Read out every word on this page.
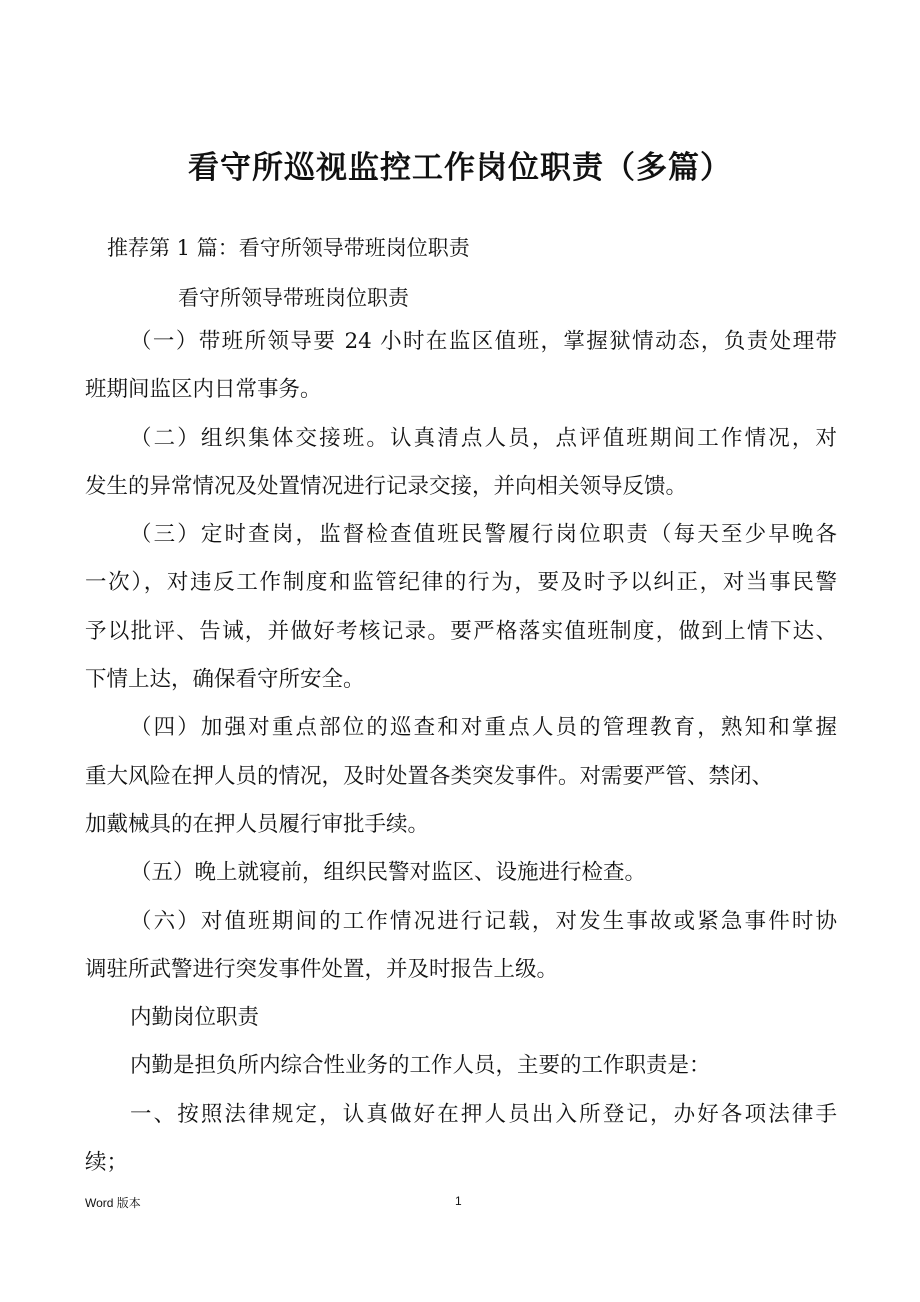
看守所巡视监控工作岗位职责（多篇）
推荐第 1 篇：看守所领导带班岗位职责
看守所领导带班岗位职责
（一）带班所领导要 24 小时在监区值班，掌握狱情动态，负责处理带
班期间监区内日常事务。
（二）组织集体交接班。认真清点人员，点评值班期间工作情况，对
发生的异常情况及处置情况进行记录交接，并向相关领导反馈。
（三）定时查岗，监督检查值班民警履行岗位职责（每天至少早晚各
一次），对违反工作制度和监管纪律的行为，要及时予以纠正，对当事民警
予以批评、告诫，并做好考核记录。要严格落实值班制度，做到上情下达、
下情上达，确保看守所安全。
（四）加强对重点部位的巡查和对重点人员的管理教育，熟知和掌握
重大风险在押人员的情况，及时处置各类突发事件。对需要严管、禁闭、
加戴械具的在押人员履行审批手续。
（五）晚上就寝前，组织民警对监区、设施进行检查。
（六）对值班期间的工作情况进行记载，对发生事故或紧急事件时协
调驻所武警进行突发事件处置，并及时报告上级。
内勤岗位职责
内勤是担负所内综合性业务的工作人员，主要的工作职责是：
一、按照法律规定，认真做好在押人员出入所登记，办好各项法律手
续；
Word 版本	1
